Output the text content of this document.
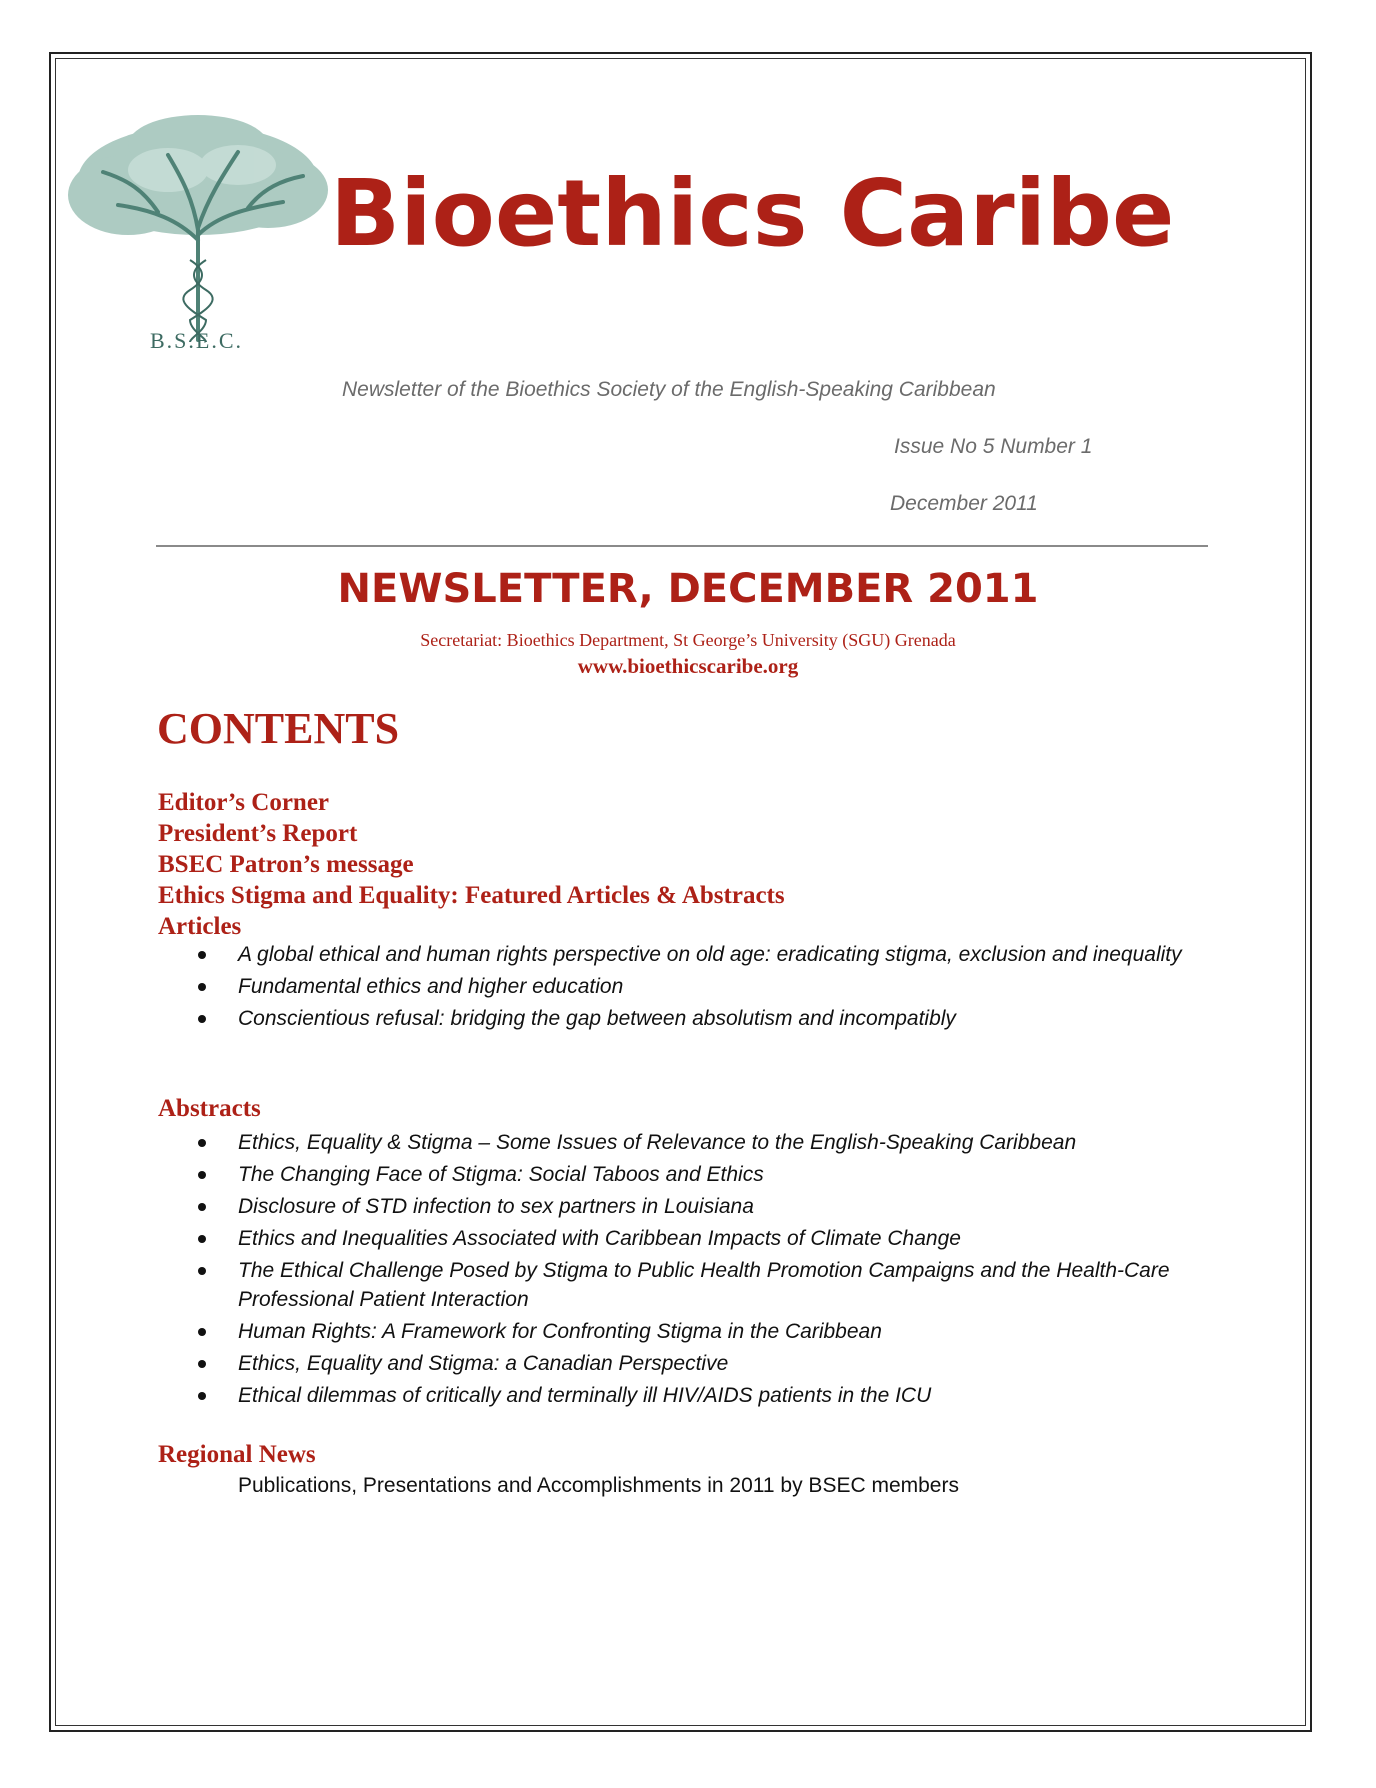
B.S.E.C.
Bioethics Caribe
Newsletter of the Bioethics Society of the English-Speaking Caribbean
Issue No 5 Number 1
December 2011
NEWSLETTER, DECEMBER 2011
Secretariat: Bioethics Department, St George’s University (SGU) Grenada
www.bioethicscaribe.org
CONTENTS
Editor’s Corner
President’s Report
BSEC Patron’s message
Ethics Stigma and Equality: Featured Articles & Abstracts
Articles
A global ethical and human rights perspective on old age: eradicating stigma, exclusion and inequality
Fundamental ethics and higher education
Conscientious refusal: bridging the gap between absolutism and incompatibly
Abstracts
Ethics, Equality & Stigma – Some Issues of Relevance to the English-Speaking Caribbean
The Changing Face of Stigma: Social Taboos and Ethics
Disclosure of STD infection to sex partners in Louisiana
Ethics and Inequalities Associated with Caribbean Impacts of Climate Change
The Ethical Challenge Posed by Stigma to Public Health Promotion Campaigns and the Health-Care Professional Patient Interaction
Human Rights: A Framework for Confronting Stigma in the Caribbean
Ethics, Equality and Stigma: a Canadian Perspective
Ethical dilemmas of critically and terminally ill HIV/AIDS patients in the ICU
Regional News
Publications, Presentations and Accomplishments in 2011 by BSEC members
